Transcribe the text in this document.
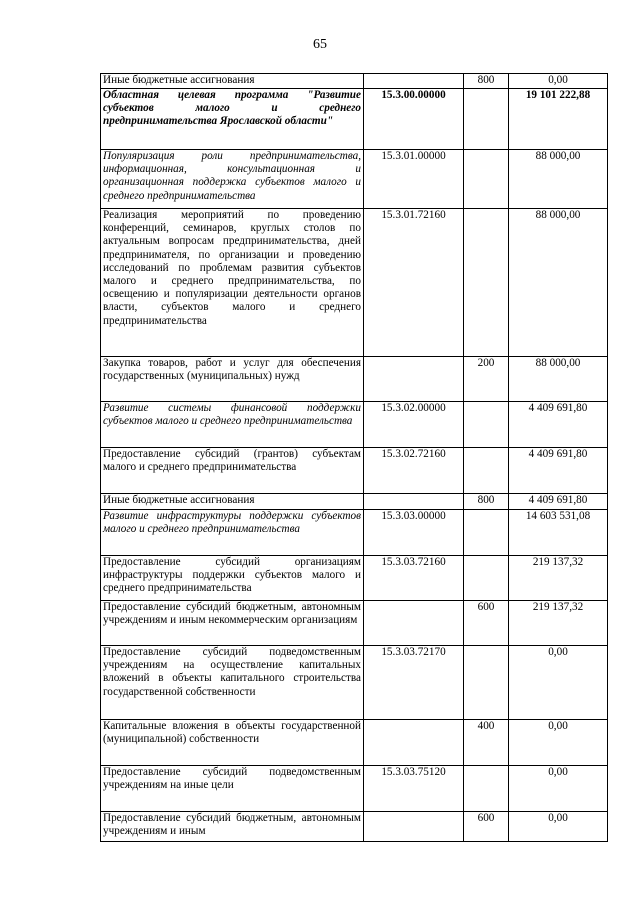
65
Иные бюджетные ассигнования		800	0,00
Областная целевая программа "Развитие субъектов малого и среднего предпринимательства Ярославской области"	15.3.00.00000		19 101 222,88
Популяризация роли предпринимательства, информационная, консультационная и организационная поддержка субъектов малого и среднего предпринимательства	15.3.01.00000		88 000,00
Реализация мероприятий по проведению конференций, семинаров, круглых столов по актуальным вопросам предпринимательства, дней предпринимателя, по организации и проведению исследований по проблемам развития субъектов малого и среднего предпринимательства, по освещению и популяризации деятельности органов власти, субъектов малого и среднего предпринимательства	15.3.01.72160		88 000,00
Закупка товаров, работ и услуг для обеспечения государственных (муниципальных) нужд		200	88 000,00
Развитие системы финансовой поддержки субъектов малого и среднего предпринимательства	15.3.02.00000		4 409 691,80
Предоставление субсидий (грантов) субъектам малого и среднего предпринимательства	15.3.02.72160		4 409 691,80
Иные бюджетные ассигнования		800	4 409 691,80
Развитие инфраструктуры поддержки субъектов малого и среднего предпринимательства	15.3.03.00000		14 603 531,08
Предоставление субсидий организациям инфраструктуры поддержки субъектов малого и среднего предпринимательства	15.3.03.72160		219 137,32
Предоставление субсидий бюджетным, автономным учреждениям и иным некоммерческим организациям		600	219 137,32
Предоставление субсидий подведомственным учреждениям на осуществление капитальных вложений в объекты капитального строительства государственной собственности	15.3.03.72170		0,00
Капитальные вложения в объекты государственной (муниципальной) собственности		400	0,00
Предоставление субсидий подведомственным учреждениям на иные цели	15.3.03.75120		0,00
Предоставление субсидий бюджетным, автономным учреждениям и иным		600	0,00
